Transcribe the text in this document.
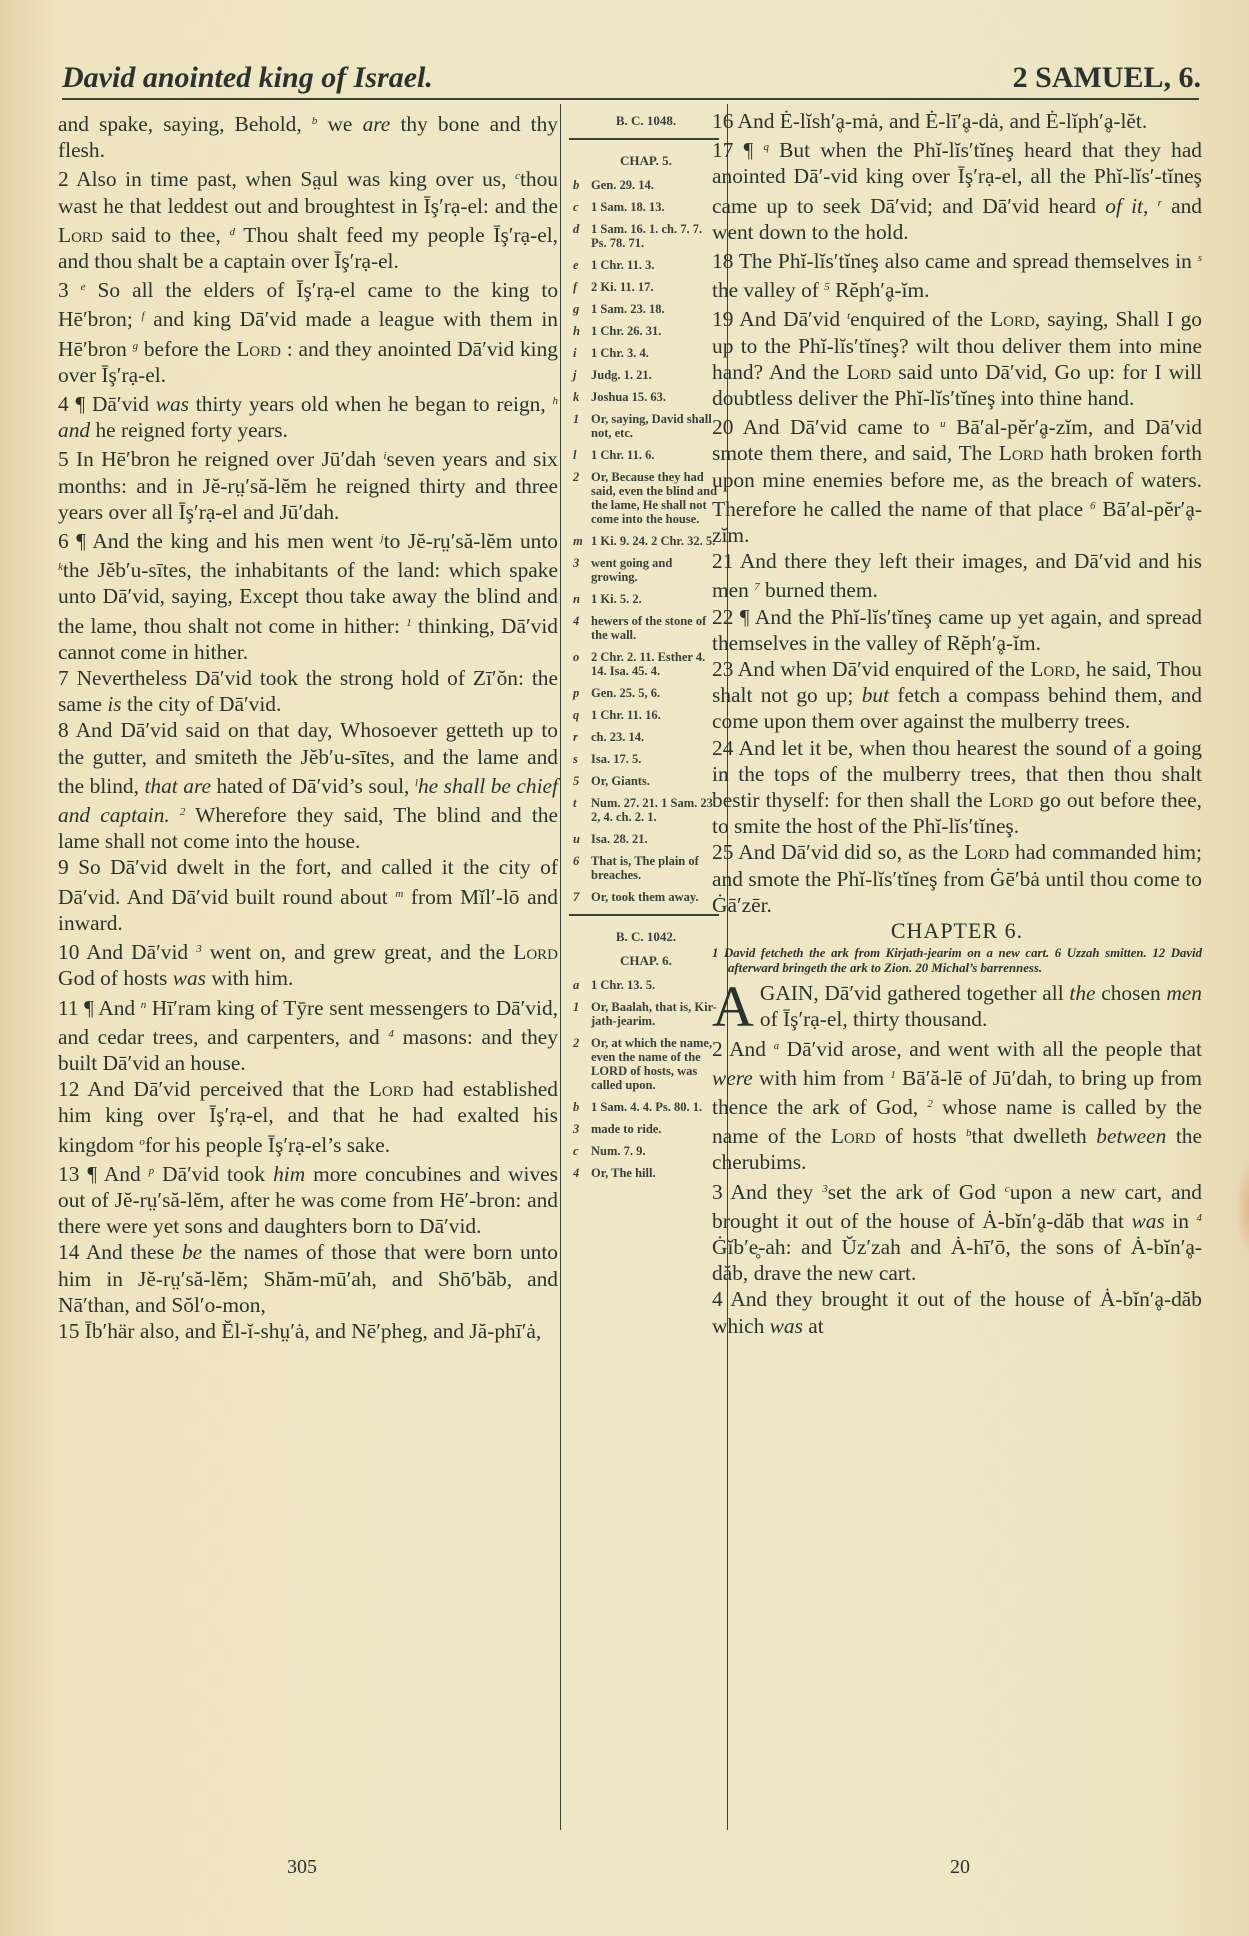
David anointed king of Israel.	2 SAMUEL, 6.

and spake, saying, Behold, $^b$ we are thy bone and thy flesh.

2 Also in time past, when Sa̤ul was king over us, $^c$thou wast he that leddest out and broughtest in Īş′rạ-el: and the Lord said to thee, $^d$ Thou shalt feed my people Īş′rạ-el, and thou shalt be a captain over Īş′rạ-el.

3 $^e$ So all the elders of Īş′rạ-el came to the king to Hē′bron; $^f$ and king Dā′vid made a league with them in Hē′bron $^g$ before the Lord : and they anointed Dā′vid king over Īş′rạ-el.

4 ¶ Dā′vid was thirty years old when he began to reign, $^h$ and he reigned forty years.

5 In Hē′bron he reigned over Jū′dah $^i$seven years and six months: and in Jĕ-rṳ′să-lĕm he reigned thirty and three years over all Īş′rạ-el and Jū′dah.

6 ¶ And the king and his men went $^j$to Jĕ-rṳ′să-lĕm unto $^k$the Jĕb′u-sītes, the inhabitants of the land: which spake unto Dā′vid, saying, Except thou take away the blind and the lame, thou shalt not come in hither: $^1$ thinking, Dā′vid cannot come in hither.

7 Nevertheless Dā′vid took the strong hold of Zī′ŏn: the same is the city of Dā′vid.

8 And Dā′vid said on that day, Whosoever getteth up to the gutter, and smiteth the Jĕb′u-sītes, and the lame and the blind, that are hated of Dā′vid’s soul, $^l$he shall be chief and captain. $^2$ Wherefore they said, The blind and the lame shall not come into the house.

9 So Dā′vid dwelt in the fort, and called it the city of Dā′vid. And Dā′vid built round about $^m$ from Mĭl′-lō and inward.

10 And Dā′vid $^3$ went on, and grew great, and the Lord God of hosts was with him.

11 ¶ And $^n$ Hī′ram king of Tȳre sent messengers to Dā′vid, and cedar trees, and carpenters, and $^4$ masons: and they built Dā′vid an house.

12 And Dā′vid perceived that the Lord had established him king over Īş′rạ-el, and that he had exalted his kingdom $^o$for his people Īş′rạ-el’s sake.

13 ¶ And $^p$ Dā′vid took him more concubines and wives out of Jĕ-rṳ′să-lĕm, after he was come from Hē′-bron: and there were yet sons and daughters born to Dā′vid.

14 And these be the names of those that were born unto him in Jĕ-rṳ′să-lĕm; Shăm-mū′ah, and Shō′băb, and Nā′than, and Sŏl′o-mon,

15 Īb′här also, and Ĕl-ĭ-shṳ′ȧ, and Nē′pheg, and Jă-phī′ȧ,

B. C. 1048.
CHAP. 5.
b Gen. 29. 14.
c 1 Sam. 18. 13.
d 1 Sam. 16. 1. ch. 7. 7. Ps. 78. 71.
e 1 Chr. 11. 3.
f 2 Ki. 11. 17.
g 1 Sam. 23. 18.
h 1 Chr. 26. 31.
i 1 Chr. 3. 4.
j Judg. 1. 21.
k Joshua 15. 63.
1 Or, saying, David shall not, etc.
l 1 Chr. 11. 6.
2 Or, Because they had said, even the blind and the lame, He shall not come into the house.
m 1 Ki. 9. 24. 2 Chr. 32. 5.
3 went going and growing.
n 1 Ki. 5. 2.
4 hewers of the stone of the wall.
o 2 Chr. 2. 11. Esther 4. 14. Isa. 45. 4.
p Gen. 25. 5, 6.
q 1 Chr. 11. 16.
r ch. 23. 14.
s Isa. 17. 5.
5 Or, Giants.
t Num. 27. 21. 1 Sam. 23. 2, 4. ch. 2. 1.
u Isa. 28. 21.
6 That is, The plain of breaches.
7 Or, took them away.
B. C. 1042.
CHAP. 6.
a 1 Chr. 13. 5.
1 Or, Baalah, that is, Kir-jath-jearim.
2 Or, at which the name, even the name of the LORD of hosts, was called upon.
b 1 Sam. 4. 4. Ps. 80. 1.
3 made to ride.
c Num. 7. 9.
4 Or, The hill.

16 And Ė-lĭsh′ḁ-mȧ, and Ė-lī′ḁ-dȧ, and Ė-lĭph′ḁ-lĕt.

17 ¶ $^q$ But when the Phĭ-lĭs′tĭneş heard that they had anointed Dā′-vid king over Īş′rạ-el, all the Phĭ-lĭs′-tĭneş came up to seek Dā′vid; and Dā′vid heard of it, $^r$ and went down to the hold.

18 The Phĭ-lĭs′tĭneş also came and spread themselves in $^s$ the valley of $^5$ Rĕph′ḁ-ĭm.

19 And Dā′vid $^t$enquired of the Lord, saying, Shall I go up to the Phĭ-lĭs′tĭneş? wilt thou deliver them into mine hand? And the Lord said unto Dā′vid, Go up: for I will doubtless deliver the Phĭ-lĭs′tĭneş into thine hand.

20 And Dā′vid came to $^u$ Bā′al-pĕr′ḁ-zĭm, and Dā′vid smote them there, and said, The Lord hath broken forth upon mine enemies before me, as the breach of waters. Therefore he called the name of that place $^6$ Bā′al-pĕr′ḁ-zĭm.

21 And there they left their images, and Dā′vid and his men $^7$ burned them.

22 ¶ And the Phĭ-lĭs′tĭneş came up yet again, and spread themselves in the valley of Rĕph′ḁ-ĭm.

23 And when Dā′vid enquired of the Lord, he said, Thou shalt not go up; but fetch a compass behind them, and come upon them over against the mulberry trees.

24 And let it be, when thou hearest the sound of a going in the tops of the mulberry trees, that then thou shalt bestir thyself: for then shall the Lord go out before thee, to smite the host of the Phĭ-lĭs′tĭneş.

25 And Dā′vid did so, as the Lord had commanded him; and smote the Phĭ-lĭs′tĭneş from Ġē′bȧ until thou come to Ġā′zēr.

CHAPTER 6.
1 David fetcheth the ark from Kirjath-jearim on a new cart. 6 Uzzah smitten. 12 David afterward bringeth the ark to Zion. 20 Michal’s barrenness.
A GAIN, Dā′vid gathered together all the chosen men of Īş′rạ-el, thirty thousand.

2 And $^a$ Dā′vid arose, and went with all the people that were with him from $^1$ Bā′ă-lē of Jū′dah, to bring up from thence the ark of God, $^2$ whose name is called by the name of the Lord of hosts $^b$that dwelleth between the cherubims.

3 And they $^3$set the ark of God $^c$upon a new cart, and brought it out of the house of Ȧ-bĭn′ḁ-dăb that was in $^4$ Ġĭb′e̥-ah: and Ŭz′zah and Ȧ-hī′ō, the sons of Ȧ-bĭn′ḁ-dăb, drave the new cart.

4 And they brought it out of the house of Ȧ-bĭn′ḁ-dăb which was at

305	20
